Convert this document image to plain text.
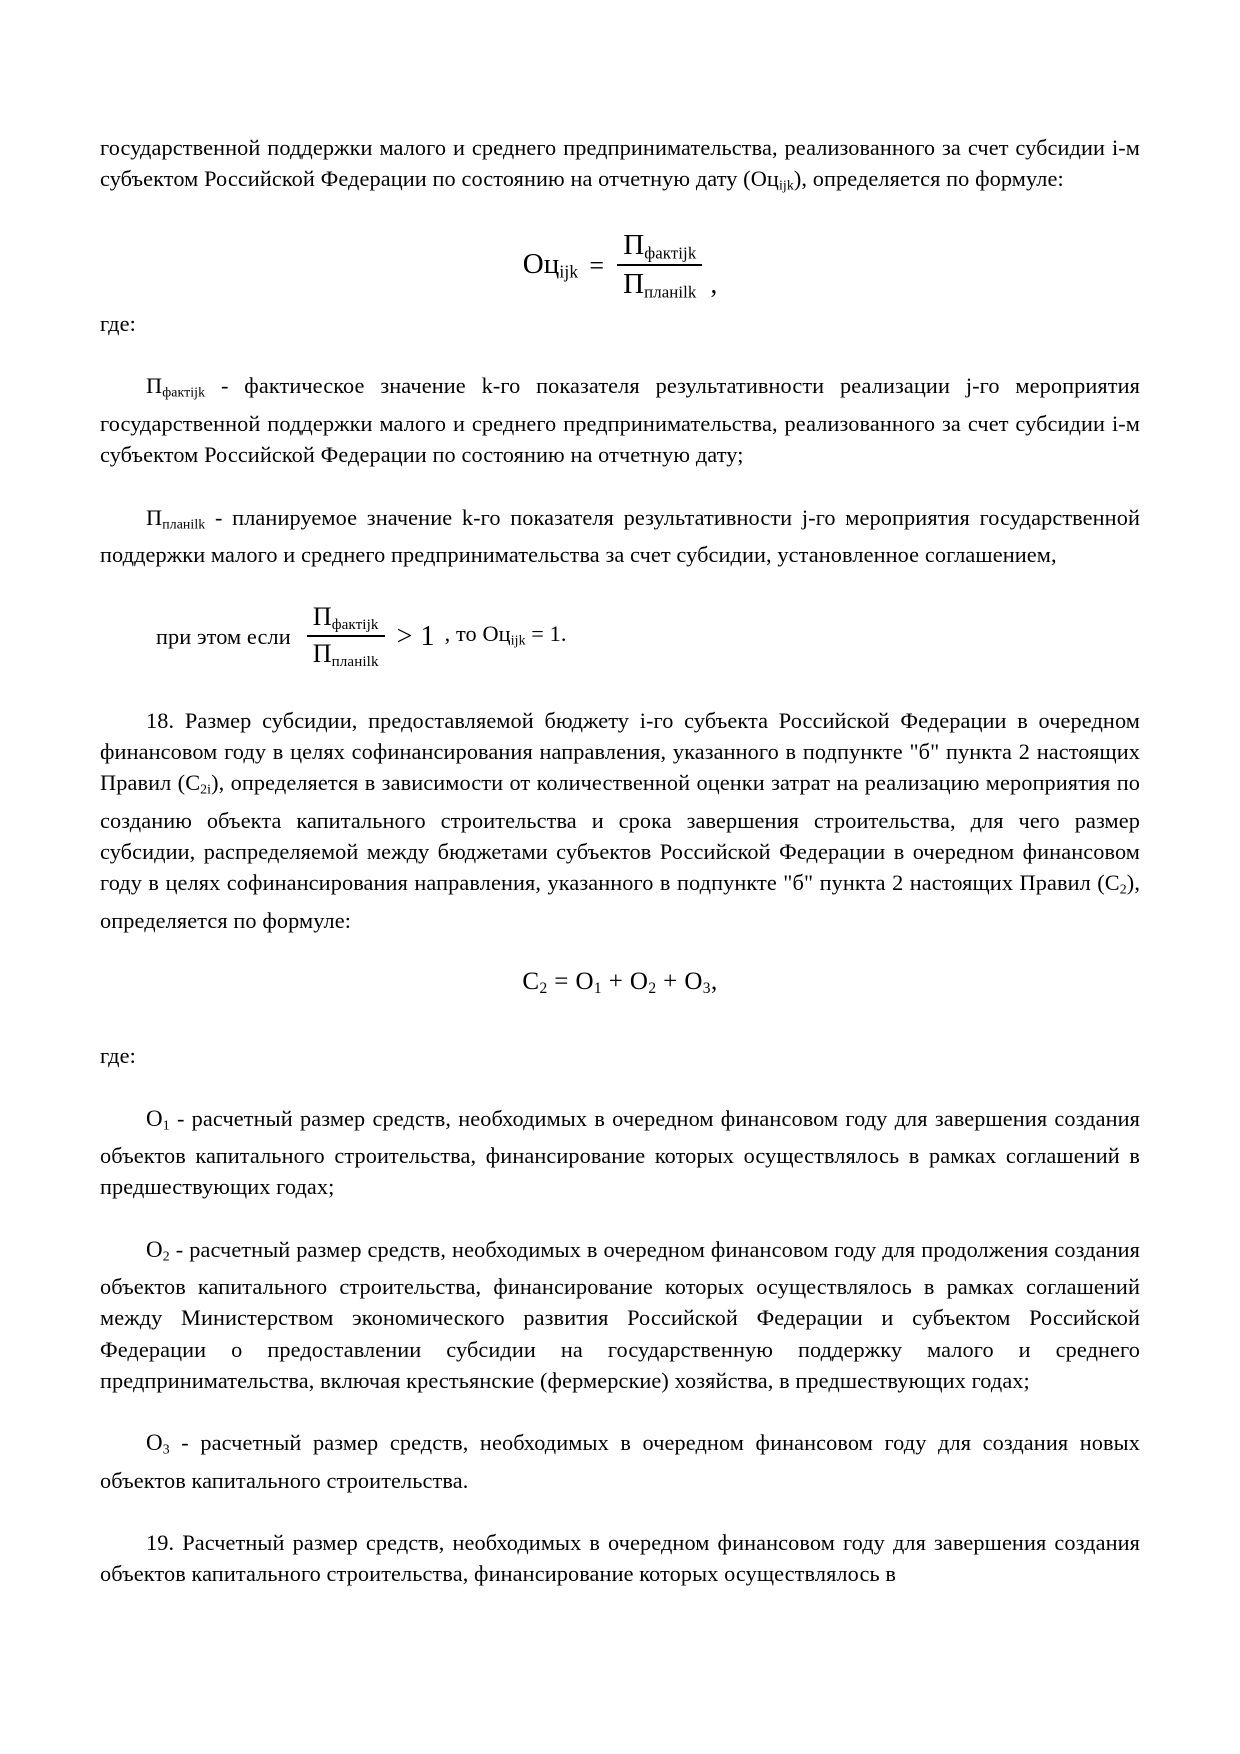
государственной поддержки малого и среднего предпринимательства, реализованного за счет субсидии i-м субъектом Российской Федерации по состоянию на отчетную дату $(Оц_{ijk})$, определяется по формуле:

$Оц_{ijk} = \frac{П_{фактijk}}{П_{планilk}}$ ,

где:

$П_{фактijk}$ - фактическое значение k-го показателя результативности реализации j-го мероприятия государственной поддержки малого и среднего предпринимательства, реализованного за счет субсидии i-м субъектом Российской Федерации по состоянию на отчетную дату;

$П_{планilk}$ - планируемое значение k-го показателя результативности j-го мероприятия государственной поддержки малого и среднего предпринимательства за счет субсидии, установленное соглашением,

при этом если $\frac{П_{фактijk}}{П_{планilk}} > 1$ , то $Оц_{ijk} = 1$.

18. Размер субсидии, предоставляемой бюджету i-го субъекта Российской Федерации в очередном финансовом году в целях софинансирования направления, указанного в подпункте "б" пункта 2 настоящих Правил $(С_{2i})$, определяется в зависимости от количественной оценки затрат на реализацию мероприятия по созданию объекта капитального строительства и срока завершения строительства, для чего размер субсидии, распределяемой между бюджетами субъектов Российской Федерации в очередном финансовом году в целях софинансирования направления, указанного в подпункте "б" пункта 2 настоящих Правил $(С_2)$, определяется по формуле:

$С_2 = О_1 + О_2 + О_3$,

где:

$О_1$ - расчетный размер средств, необходимых в очередном финансовом году для завершения создания объектов капитального строительства, финансирование которых осуществлялось в рамках соглашений в предшествующих годах;

$О_2$ - расчетный размер средств, необходимых в очередном финансовом году для продолжения создания объектов капитального строительства, финансирование которых осуществлялось в рамках соглашений между Министерством экономического развития Российской Федерации и субъектом Российской Федерации о предоставлении субсидии на государственную поддержку малого и среднего предпринимательства, включая крестьянские (фермерские) хозяйства, в предшествующих годах;

$О_3$ - расчетный размер средств, необходимых в очередном финансовом году для создания новых объектов капитального строительства.

19. Расчетный размер средств, необходимых в очередном финансовом году для завершения создания объектов капитального строительства, финансирование которых осуществлялось в
